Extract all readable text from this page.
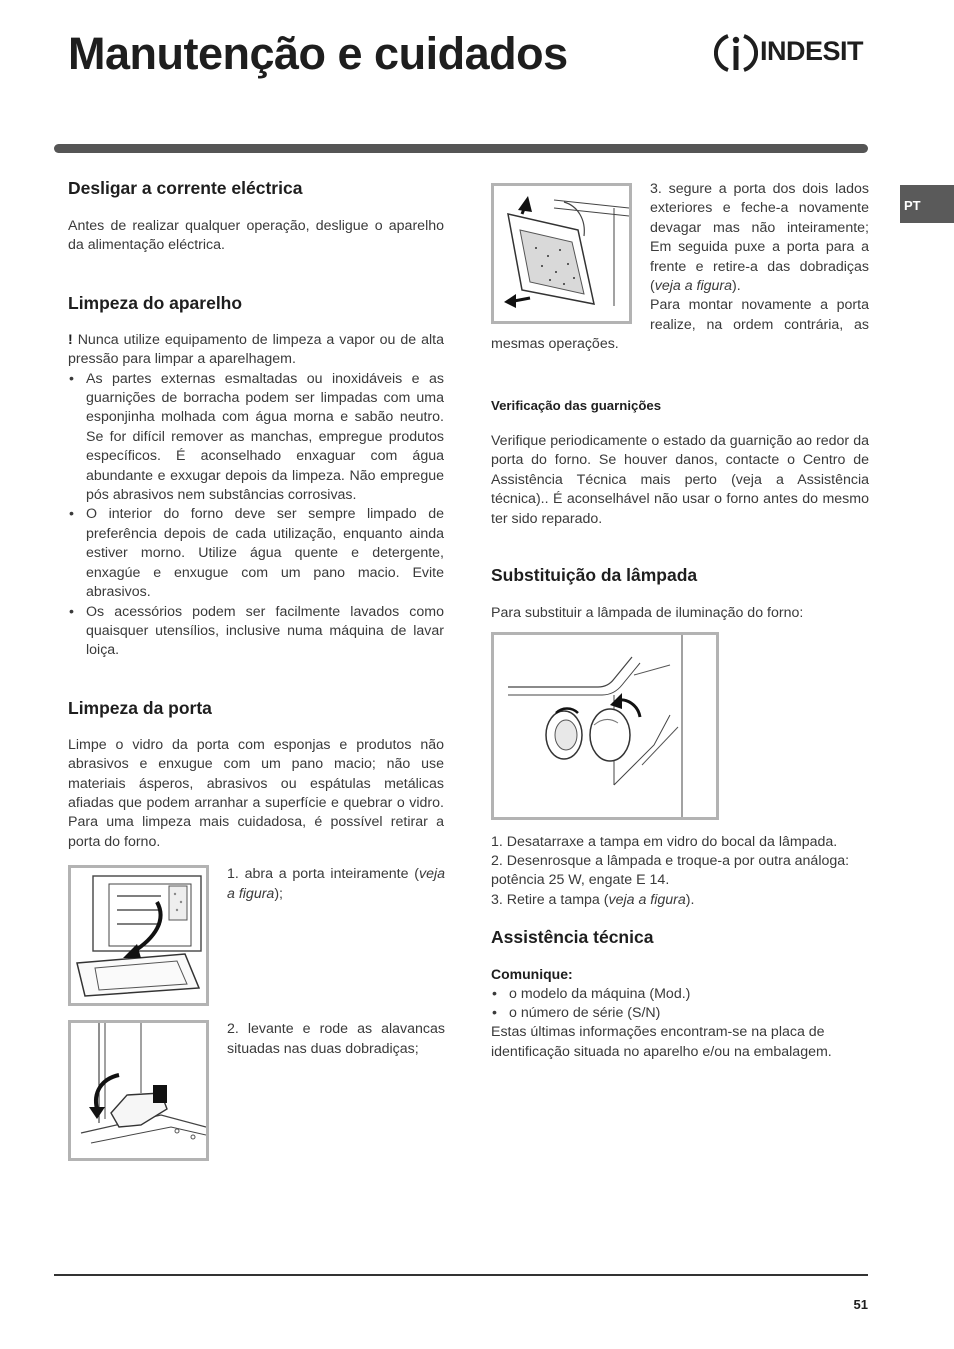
Manutenção e cuidados	INDESIT
PT
Desligar a corrente eléctrica

Antes de realizar qualquer operação, desligue o aparelho da alimentação eléctrica.

Limpeza do aparelho

! Nunca utilize equipamento de limpeza a vapor ou de alta pressão para limpar a aparelhagem.

• As partes externas esmaltadas ou inoxidáveis e as guarnições de borracha podem ser limpadas com uma esponjinha molhada com água morna e sabão neutro. Se for difícil remover as manchas, empregue produtos específicos. É aconselhado enxaguar com água abundante e exxugar depois da limpeza. Não empregue pós abrasivos nem substâncias corrosivas.
• O interior do forno deve ser sempre limpado de preferência depois de cada utilização, enquanto ainda estiver morno. Utilize água quente e detergente, enxagúe e enxugue com um pano macio. Evite abrasivos.
• Os acessórios podem ser facilmente lavados como quaisquer utensílios, inclusive numa máquina de lavar loiça.
Limpeza da porta

Limpe o vidro da porta com esponjas e produtos não abrasivos e enxugue com um pano macio; não use materiais ásperos, abrasivos ou espátulas metálicas afiadas que podem arranhar a superfície e quebrar o vidro. Para uma limpeza mais cuidadosa, é possível retirar a porta do forno.

1. abra a porta inteiramente (veja a figura);
2. levante e rode as alavancas situadas nas duas dobradiças;
3. segure a porta dos dois lados exteriores e feche-a novamente devagar mas não inteiramente; Em seguida puxe a porta para a frente e retire-a das dobradiças (veja a figura).
Para montar novamente a porta realize, na ordem contrária, as mesmas operações.

Verificação das guarnições

Verifique periodicamente o estado da guarnição ao redor da porta do forno. Se houver danos, contacte o Centro de Assistência Técnica mais perto (veja a Assistência técnica).. É aconselhável não usar o forno antes do mesmo ter sido reparado.

Substituição da lâmpada

Para substituir a lâmpada de iluminação do forno:

1. Desatarraxe a tampa em vidro do bocal da lâmpada.

2. Desenrosque a lâmpada e troque-a por outra análoga: potência 25 W, engate E 14.

3. Retire a tampa (veja a figura).

Assistência técnica

Comunique:

• o modelo da máquina (Mod.)
• o número de série (S/N)

Estas últimas informações encontram-se na placa de identificação situada no aparelho e/ou na embalagem.

51
